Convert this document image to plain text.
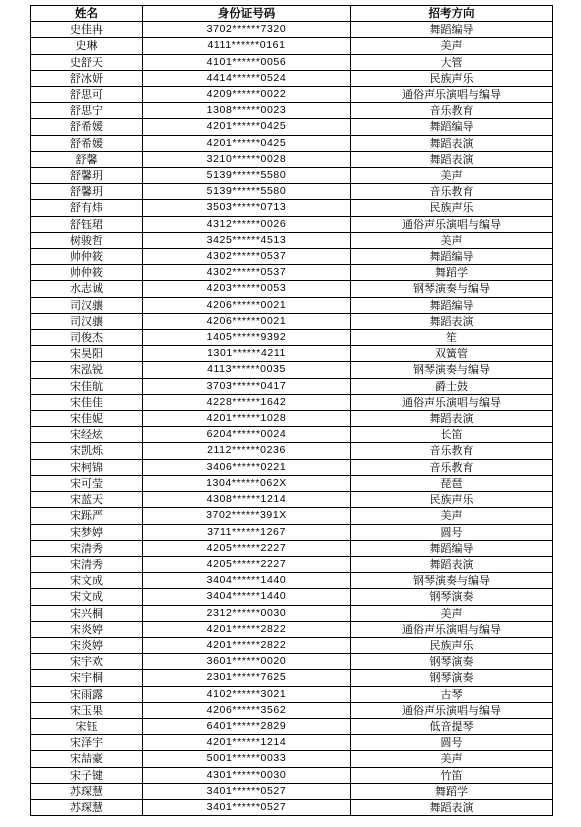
姓名	身份证号码	招考方向
史佳冉	3702******7320	舞蹈编导
史琳	4111******0161	美声
史舒天	4101******0056	大管
舒冰妍	4414******0524	民族声乐
舒思可	4209******0022	通俗声乐演唱与编导
舒思宁	1308******0023	音乐教育
舒希媛	4201******0425	舞蹈编导
舒希媛	4201******0425	舞蹈表演
舒馨	3210******0028	舞蹈表演
舒馨玥	5139******5580	美声
舒馨玥	5139******5580	音乐教育
舒有炜	3503******0713	民族声乐
舒钰珺	4312******0026	通俗声乐演唱与编导
树骏哲	3425******4513	美声
帅仲筱	4302******0537	舞蹈编导
帅仲筱	4302******0537	舞蹈学
水志诚	4203******0053	钢琴演奏与编导
司汉骧	4206******0021	舞蹈编导
司汉骧	4206******0021	舞蹈表演
司俊杰	1405******9392	笙
宋昊阳	1301******4211	双簧管
宋泓锐	4113******0035	钢琴演奏与编导
宋佳航	3703******0417	爵士鼓
宋佳佳	4228******1642	通俗声乐演唱与编导
宋佳妮	4201******1028	舞蹈表演
宋经炫	6204******0024	长笛
宋凯烁	2112******0236	音乐教育
宋柯锦	3406******0221	音乐教育
宋可莹	1304******062X	琵琶
宋蓝天	4308******1214	民族声乐
宋跞严	3702******391X	美声
宋梦婷	3711******1267	圆号
宋清秀	4205******2227	舞蹈编导
宋清秀	4205******2227	舞蹈表演
宋文成	3404******1440	钢琴演奏与编导
宋文成	3404******1440	钢琴演奏
宋兴桐	2312******0030	美声
宋炎婷	4201******2822	通俗声乐演唱与编导
宋炎婷	4201******2822	民族声乐
宋宇欢	3601******0020	钢琴演奏
宋宇桐	2301******7625	钢琴演奏
宋雨露	4102******3021	古琴
宋玉果	4206******3562	通俗声乐演唱与编导
宋钰	6401******2829	低音提琴
宋泽宇	4201******1214	圆号
宋喆豪	5001******0033	美声
宋子键	4301******0030	竹笛
苏琛慧	3401******0527	舞蹈学
苏琛慧	3401******0527	舞蹈表演
